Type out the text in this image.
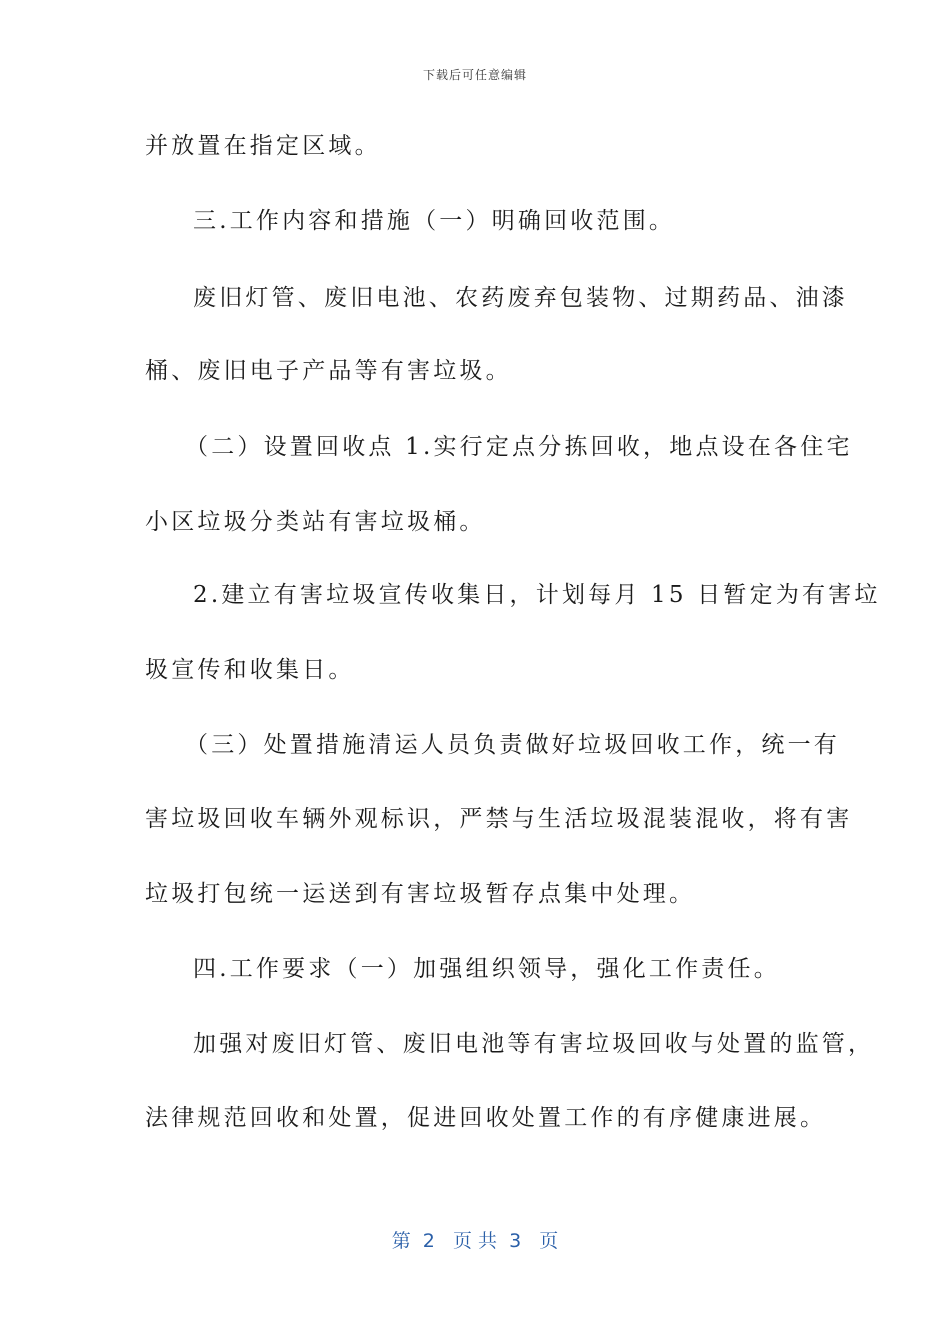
下载后可任意编辑
并放置在指定区域。
三.工作内容和措施（一）明确回收范围。
废旧灯管、废旧电池、农药废弃包装物、过期药品、油漆
桶、废旧电子产品等有害垃圾。
（二）设置回收点 1.实行定点分拣回收，地点设在各住宅
小区垃圾分类站有害垃圾桶。
2.建立有害垃圾宣传收集日，计划每月 15 日暂定为有害垃
圾宣传和收集日。
（三）处置措施清运人员负责做好垃圾回收工作，统一有
害垃圾回收车辆外观标识，严禁与生活垃圾混装混收，将有害
垃圾打包统一运送到有害垃圾暂存点集中处理。
四.工作要求（一）加强组织领导，强化工作责任。
加强对废旧灯管、废旧电池等有害垃圾回收与处置的监管，
法律规范回收和处置，促进回收处置工作的有序健康进展。
第  2   页 共  3   页
